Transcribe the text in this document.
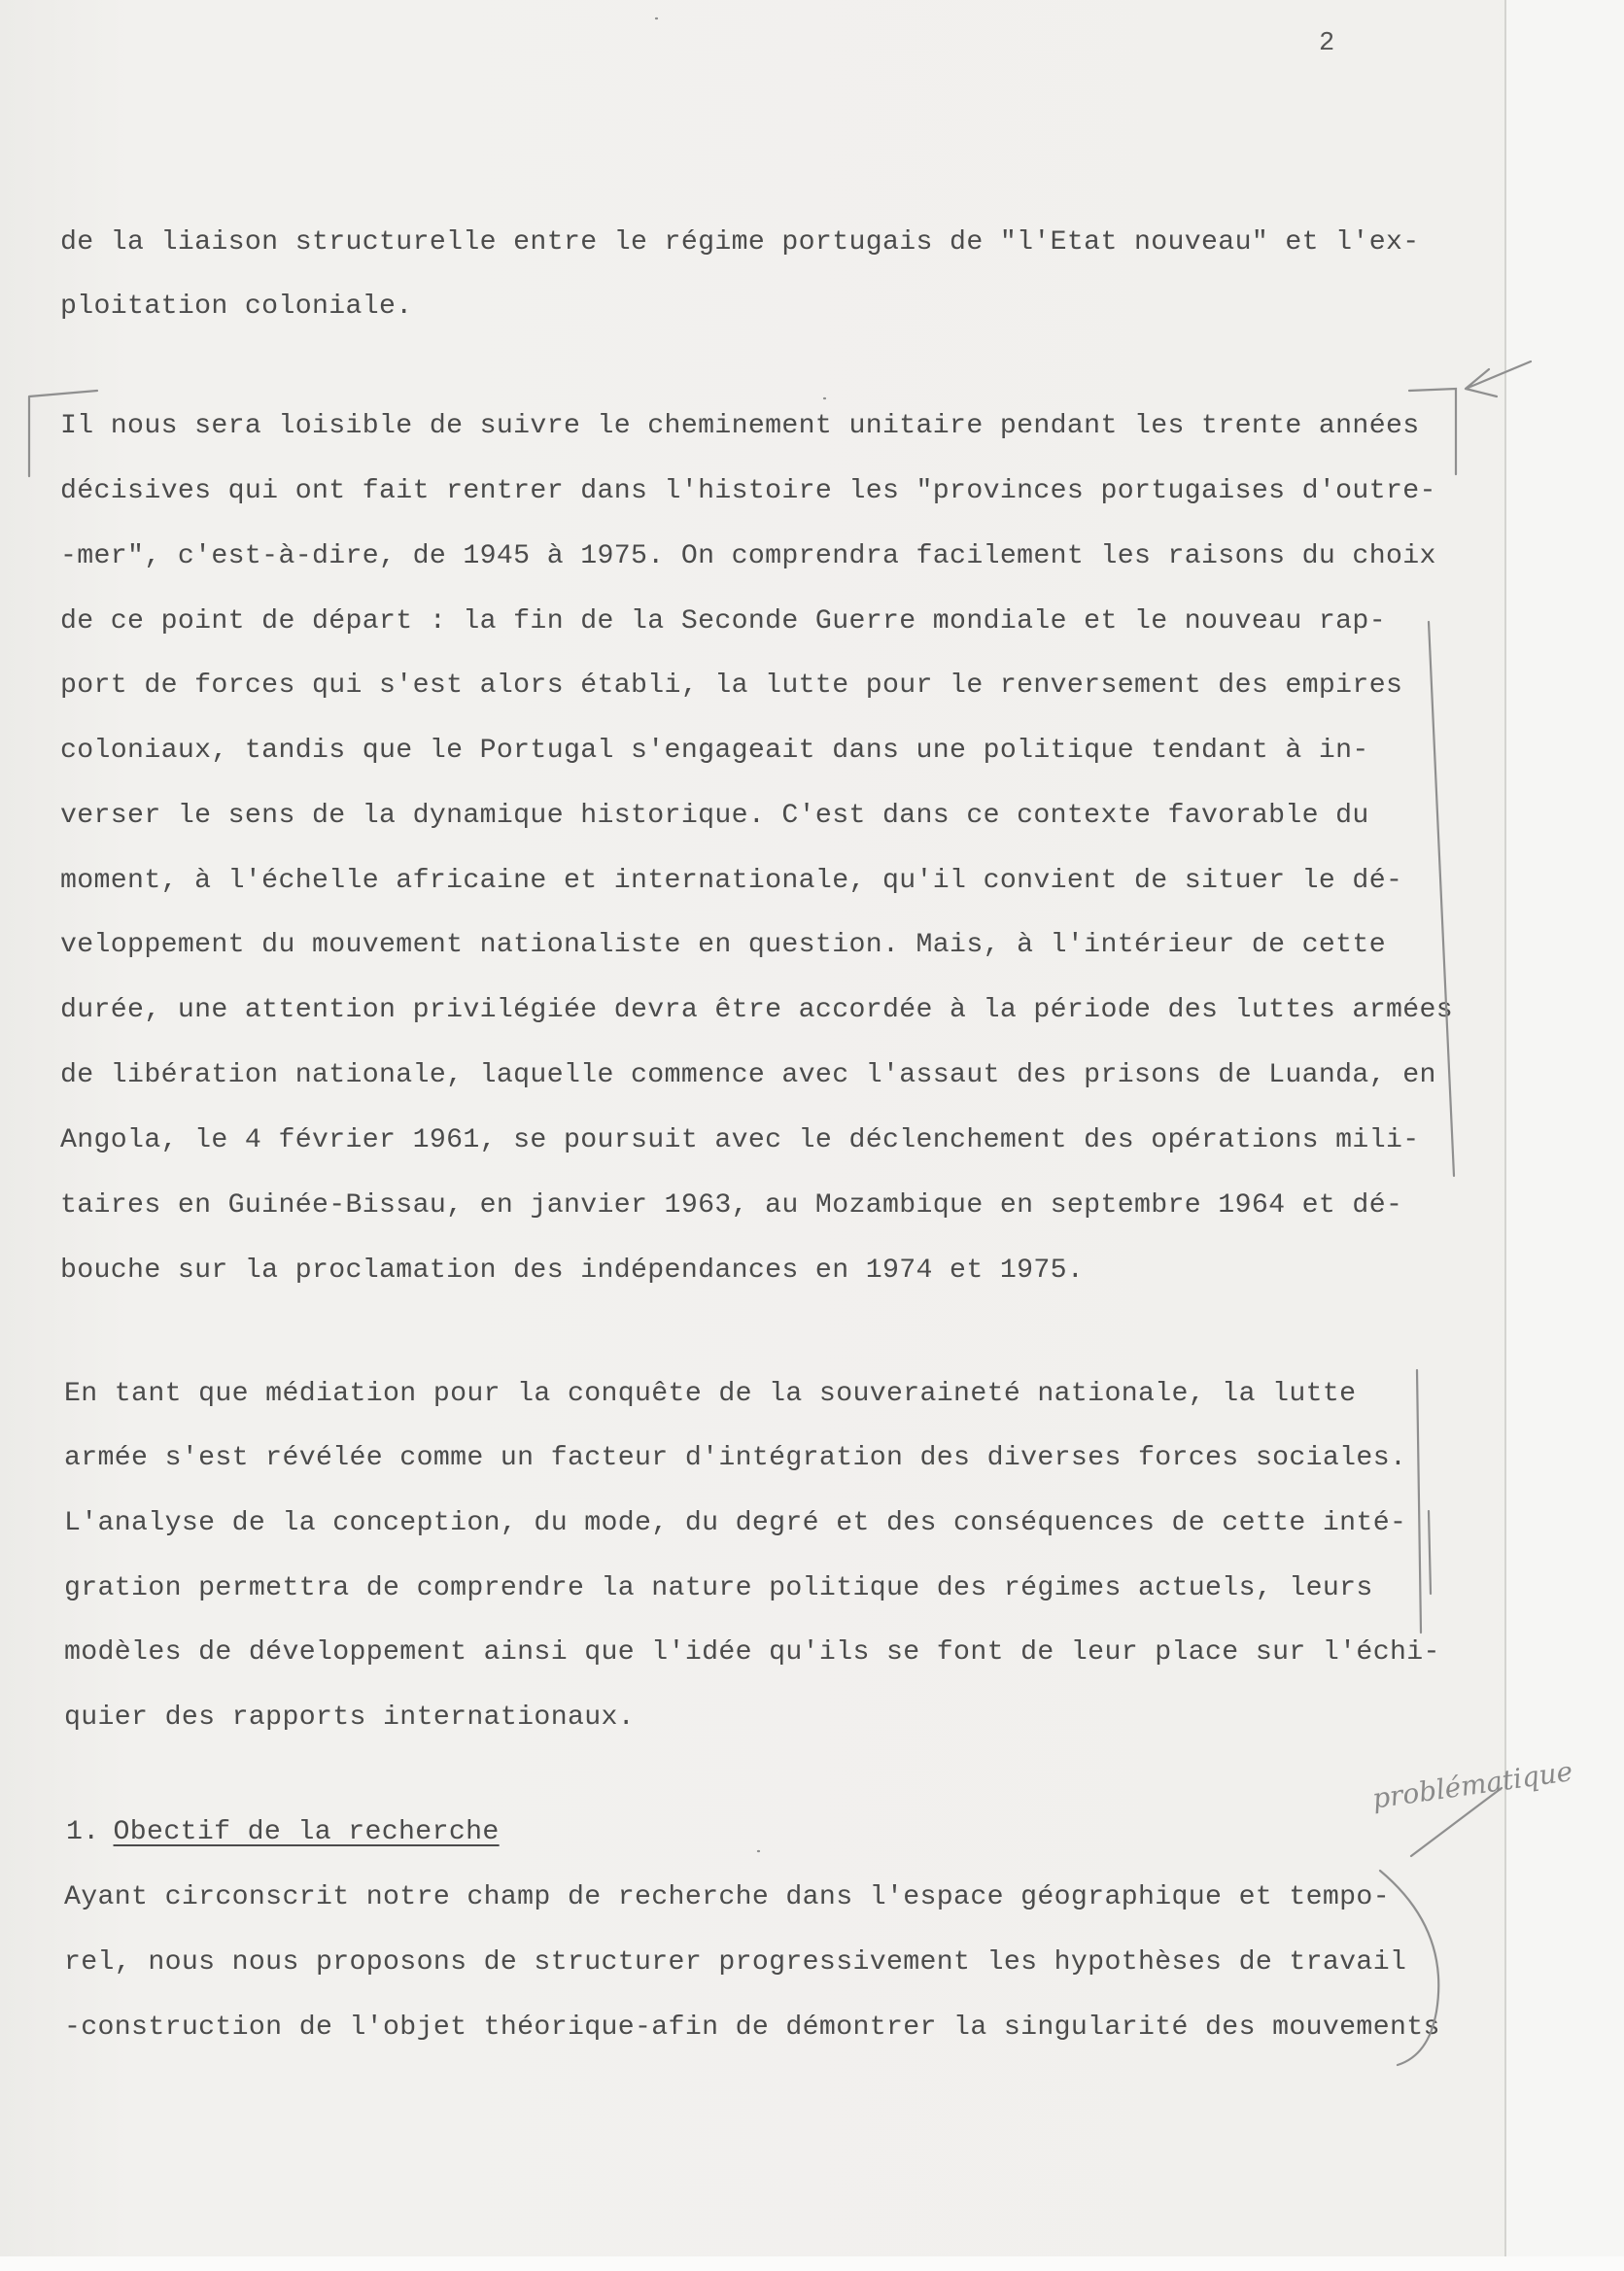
2
de la liaison structurelle entre le régime portugais de "l'Etat nouveau" et l'ex-
ploitation coloniale.
Il nous sera loisible de suivre le cheminement unitaire pendant les trente années
décisives qui ont fait rentrer dans l'histoire les "provinces portugaises d'outre-
-mer", c'est-à-dire, de 1945 à 1975. On comprendra facilement les raisons du choix
de ce point de départ : la fin de la Seconde Guerre mondiale et le nouveau rap-
port de forces qui s'est alors établi, la lutte pour le renversement des empires
coloniaux, tandis que le Portugal s'engageait dans une politique tendant à in-
verser le sens de la dynamique historique. C'est dans ce contexte favorable du
moment, à l'échelle africaine et internationale, qu'il convient de situer le dé-
veloppement du mouvement nationaliste en question. Mais, à l'intérieur de cette
durée, une attention privilégiée devra être accordée à la période des luttes armées
de libération nationale, laquelle commence avec l'assaut des prisons de Luanda, en
Angola, le 4 février 1961, se poursuit avec le déclenchement des opérations mili-
taires en Guinée-Bissau, en janvier 1963, au Mozambique en septembre 1964 et dé-
bouche sur la proclamation des indépendances en 1974 et 1975.
En tant que médiation pour la conquête de la souveraineté nationale, la lutte
armée s'est révélée comme un facteur d'intégration des diverses forces sociales.
L'analyse de la conception, du mode, du degré et des conséquences de cette inté-
gration permettra de comprendre la nature politique des régimes actuels, leurs
modèles de développement ainsi que l'idée qu'ils se font de leur place sur l'échi-
quier des rapports internationaux.
1. Obectif de la recherche
Ayant circonscrit notre champ de recherche dans l'espace géographique et tempo-
rel, nous nous proposons de structurer progressivement les hypothèses de travail
-construction de l'objet théorique-afin de démontrer la singularité des mouvements
problématique
